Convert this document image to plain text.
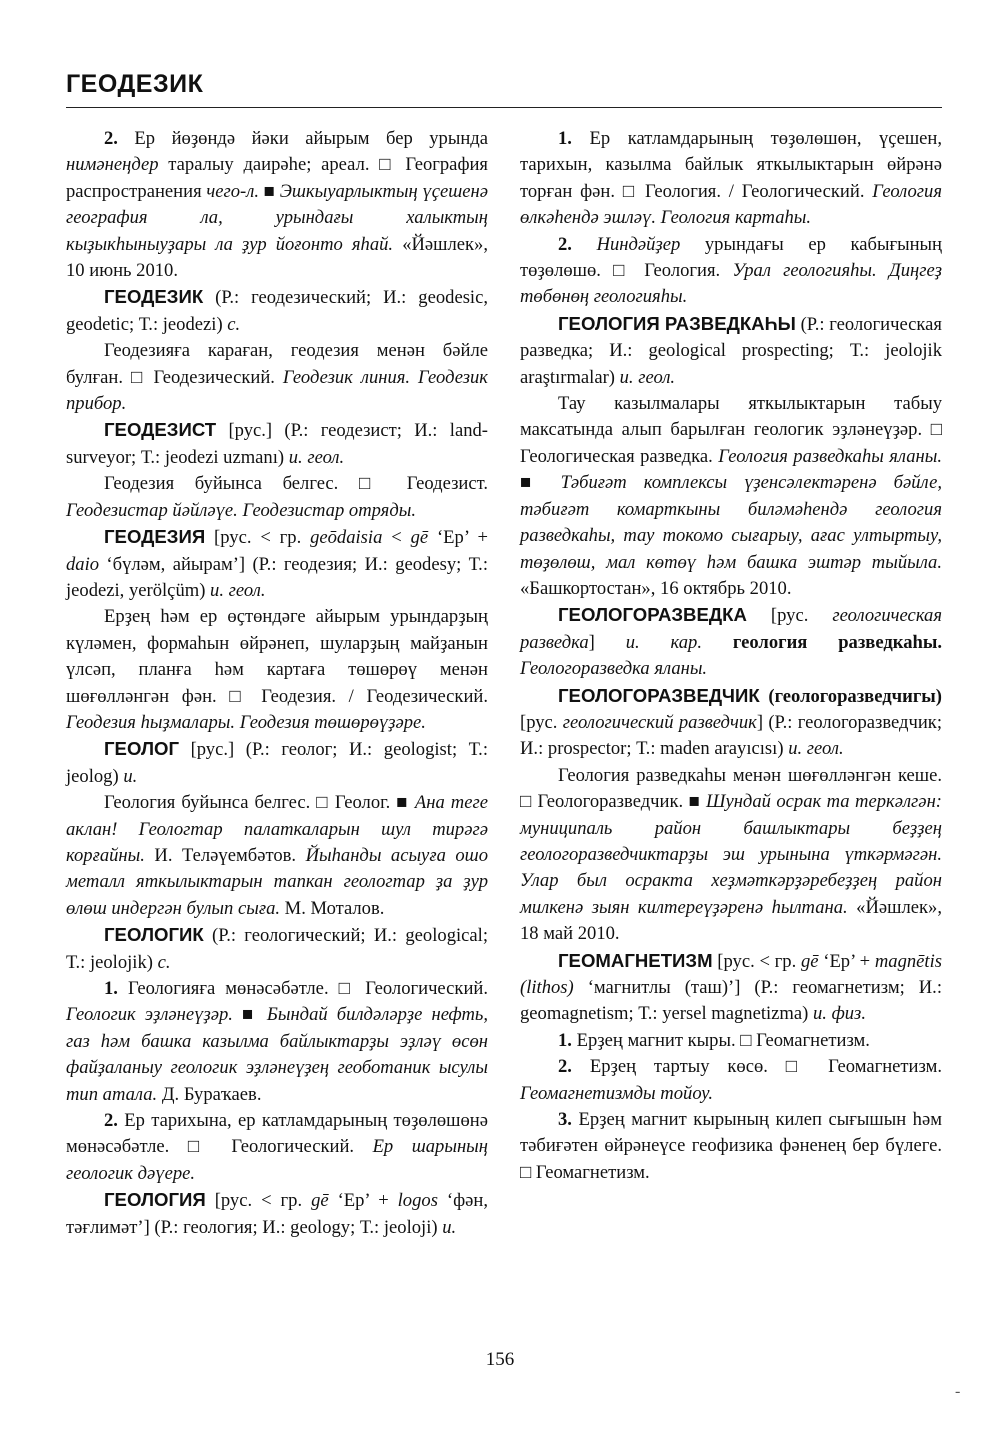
ГЕОДЕЗИК

2. Ер йөҙөндә йәки айырым бер урында нимәнеңдер таралыу даирәһе; ареал. □ География распространения чего-л. ■ Эшкыуарлыктың үҫешенә география ла, урындағы халыктың кыҙыкһыныуҙары ла ҙур йоғонто яһай. «Йәшлек», 10 июнь 2010.

ГЕОДЕЗИК (Р.: геодезический; И.: geodesic, geodetic; Т.: jeodezi) с.

Геодезияға караған, геодезия менән бәйле булған. □ Геодезический. Геодезик линия. Геодезик прибор.

ГЕОДЕЗИСТ [рус.] (Р.: геодезист; И.: land-surveyor; Т.: jeodezi uzmanı) и. геол.

Геодезия буйынса белгес. □ Геодезист. Геодезистар йәйләүе. Геодезистар отряды.

ГЕОДЕЗИЯ [рус. < гр. geōdaisia < gē ‘Ер’ + daio ‘бүләм, айырам’] (Р.: геодезия; И.: geodesy; Т.: jeodezi, yerölçüm) и. геол.

Ерҙең һәм ер өҫтөндәге айырым урындарҙың күләмен, формаһын өйрәнеп, шуларҙың майҙанын үлсәп, планға һәм картаға төшөрөү менән шөғөлләнгән фән. □ Геодезия. / Геодезический. Геодезия һыҙмалары. Геодезия төшөрөүҙәре.

ГЕОЛОГ [рус.] (Р.: геолог; И.: geologist; Т.: jeolog) и.

Геология буйынса белгес. □ Геолог. ■ Ана теге аклан! Геологтар палаткаларын шул тирәгә корғайны. И. Теләүембәтов. Йыһанды асыуға ошо металл яткылыктарын тапкан геологтар ҙа ҙур өлөш индергән булып сыға. М. Моталов.

ГЕОЛОГИК (Р.: геологический; И.: geological; Т.: jeolojik) с.

1. Геологияға мөнәсәбәтле. □ Геологический. Геологик эҙләнеүҙәр. ■ Бындай билдәләрҙе нефть, газ һәм башка казылма байлыктарҙы эҙләү өсөн файҙаланыу геологик эҙләнеүҙең геоботаник ысулы тип атала. Д. Бураҡаев.

2. Ер тарихына, ер катламдарының төҙөлөшөнә мөнәсәбәтле. □ Геологический. Ер шарының геологик дәүере.

ГЕОЛОГИЯ [рус. < гр. gē ‘Ер’ + logos ‘фән, тәғлимәт’] (Р.: геология; И.: geology; Т.: jeoloji) и.

1. Ер катламдарының төҙөлөшөн, үҫешен, тарихын, казылма байлык яткылыктарын өйрәнә торған фән. □ Геология. / Геологический. Геология өлкәһендә эшләү. Геология картаһы.

2. Ниндәйҙер урындағы ер кабығының төҙөлөшө. □ Геология. Урал геологияһы. Диңгеҙ төбөнөң геологияһы.

ГЕОЛОГИЯ РАЗВЕДКАҺЫ (Р.: геологическая разведка; И.: geological prospecting; Т.: jeolojik araştırmalar) и. геол.

Тау казылмалары яткылыктарын табыу максатында алып барылған геологик эҙләнеүҙәр. □ Геологическая разведка. Геология разведкаһы яланы. ■ Тәбиғәт комплексы үҙенсәлектәренә бәйле, тәбиғәт комарткыны биләмәһендә геология разведкаһы, тау токомо сығарыу, ағас ултыртыу, төҙөлөш, мал көтөү һәм башка эштәр тыйыла. «Башкортостан», 16 октябрь 2010.

ГЕОЛОГОРАЗВЕДКА [рус. геологическая разведка] и. кар. геология разведкаһы. Геологоразведка яланы.

ГЕОЛОГОРАЗВЕДЧИК (геологоразведчигы) [рус. геологический разведчик] (Р.: геологоразведчик; И.: prospector; Т.: maden arayıcısı) и. геол.

Геология разведкаһы менән шөғөлләнгән кеше. □ Геологоразведчик. ■ Шундай осрак та теркәлгән: муниципаль район башлыктары беҙҙең геологоразведчиктарҙы эш урынына үткәрмәгән. Улар был осракта хеҙмәткәрҙәребеҙҙең район милкенә зыян килтереүҙәренә һылтана. «Йәшлек», 18 май 2010.

ГЕОМАГНЕТИЗМ [рус. < гр. gē ‘Ер’ + magnētis (lithos) ‘магнитлы (таш)’] (Р.: геомагнетизм; И.: geomagnetism; Т.: yersel magnetizma) и. физ.

1. Ерҙең магнит кыры. □ Геомагнетизм.

2. Ерҙең тартыу көсө. □ Геомагнетизм. Геомагнетизмды тойоу.

3. Ерҙең магнит кырының килеп сығышын һәм тәбиғәтен өйрәнеүсе геофизика фәненең бер бүлеге. □ Геомагнетизм.

156
-
